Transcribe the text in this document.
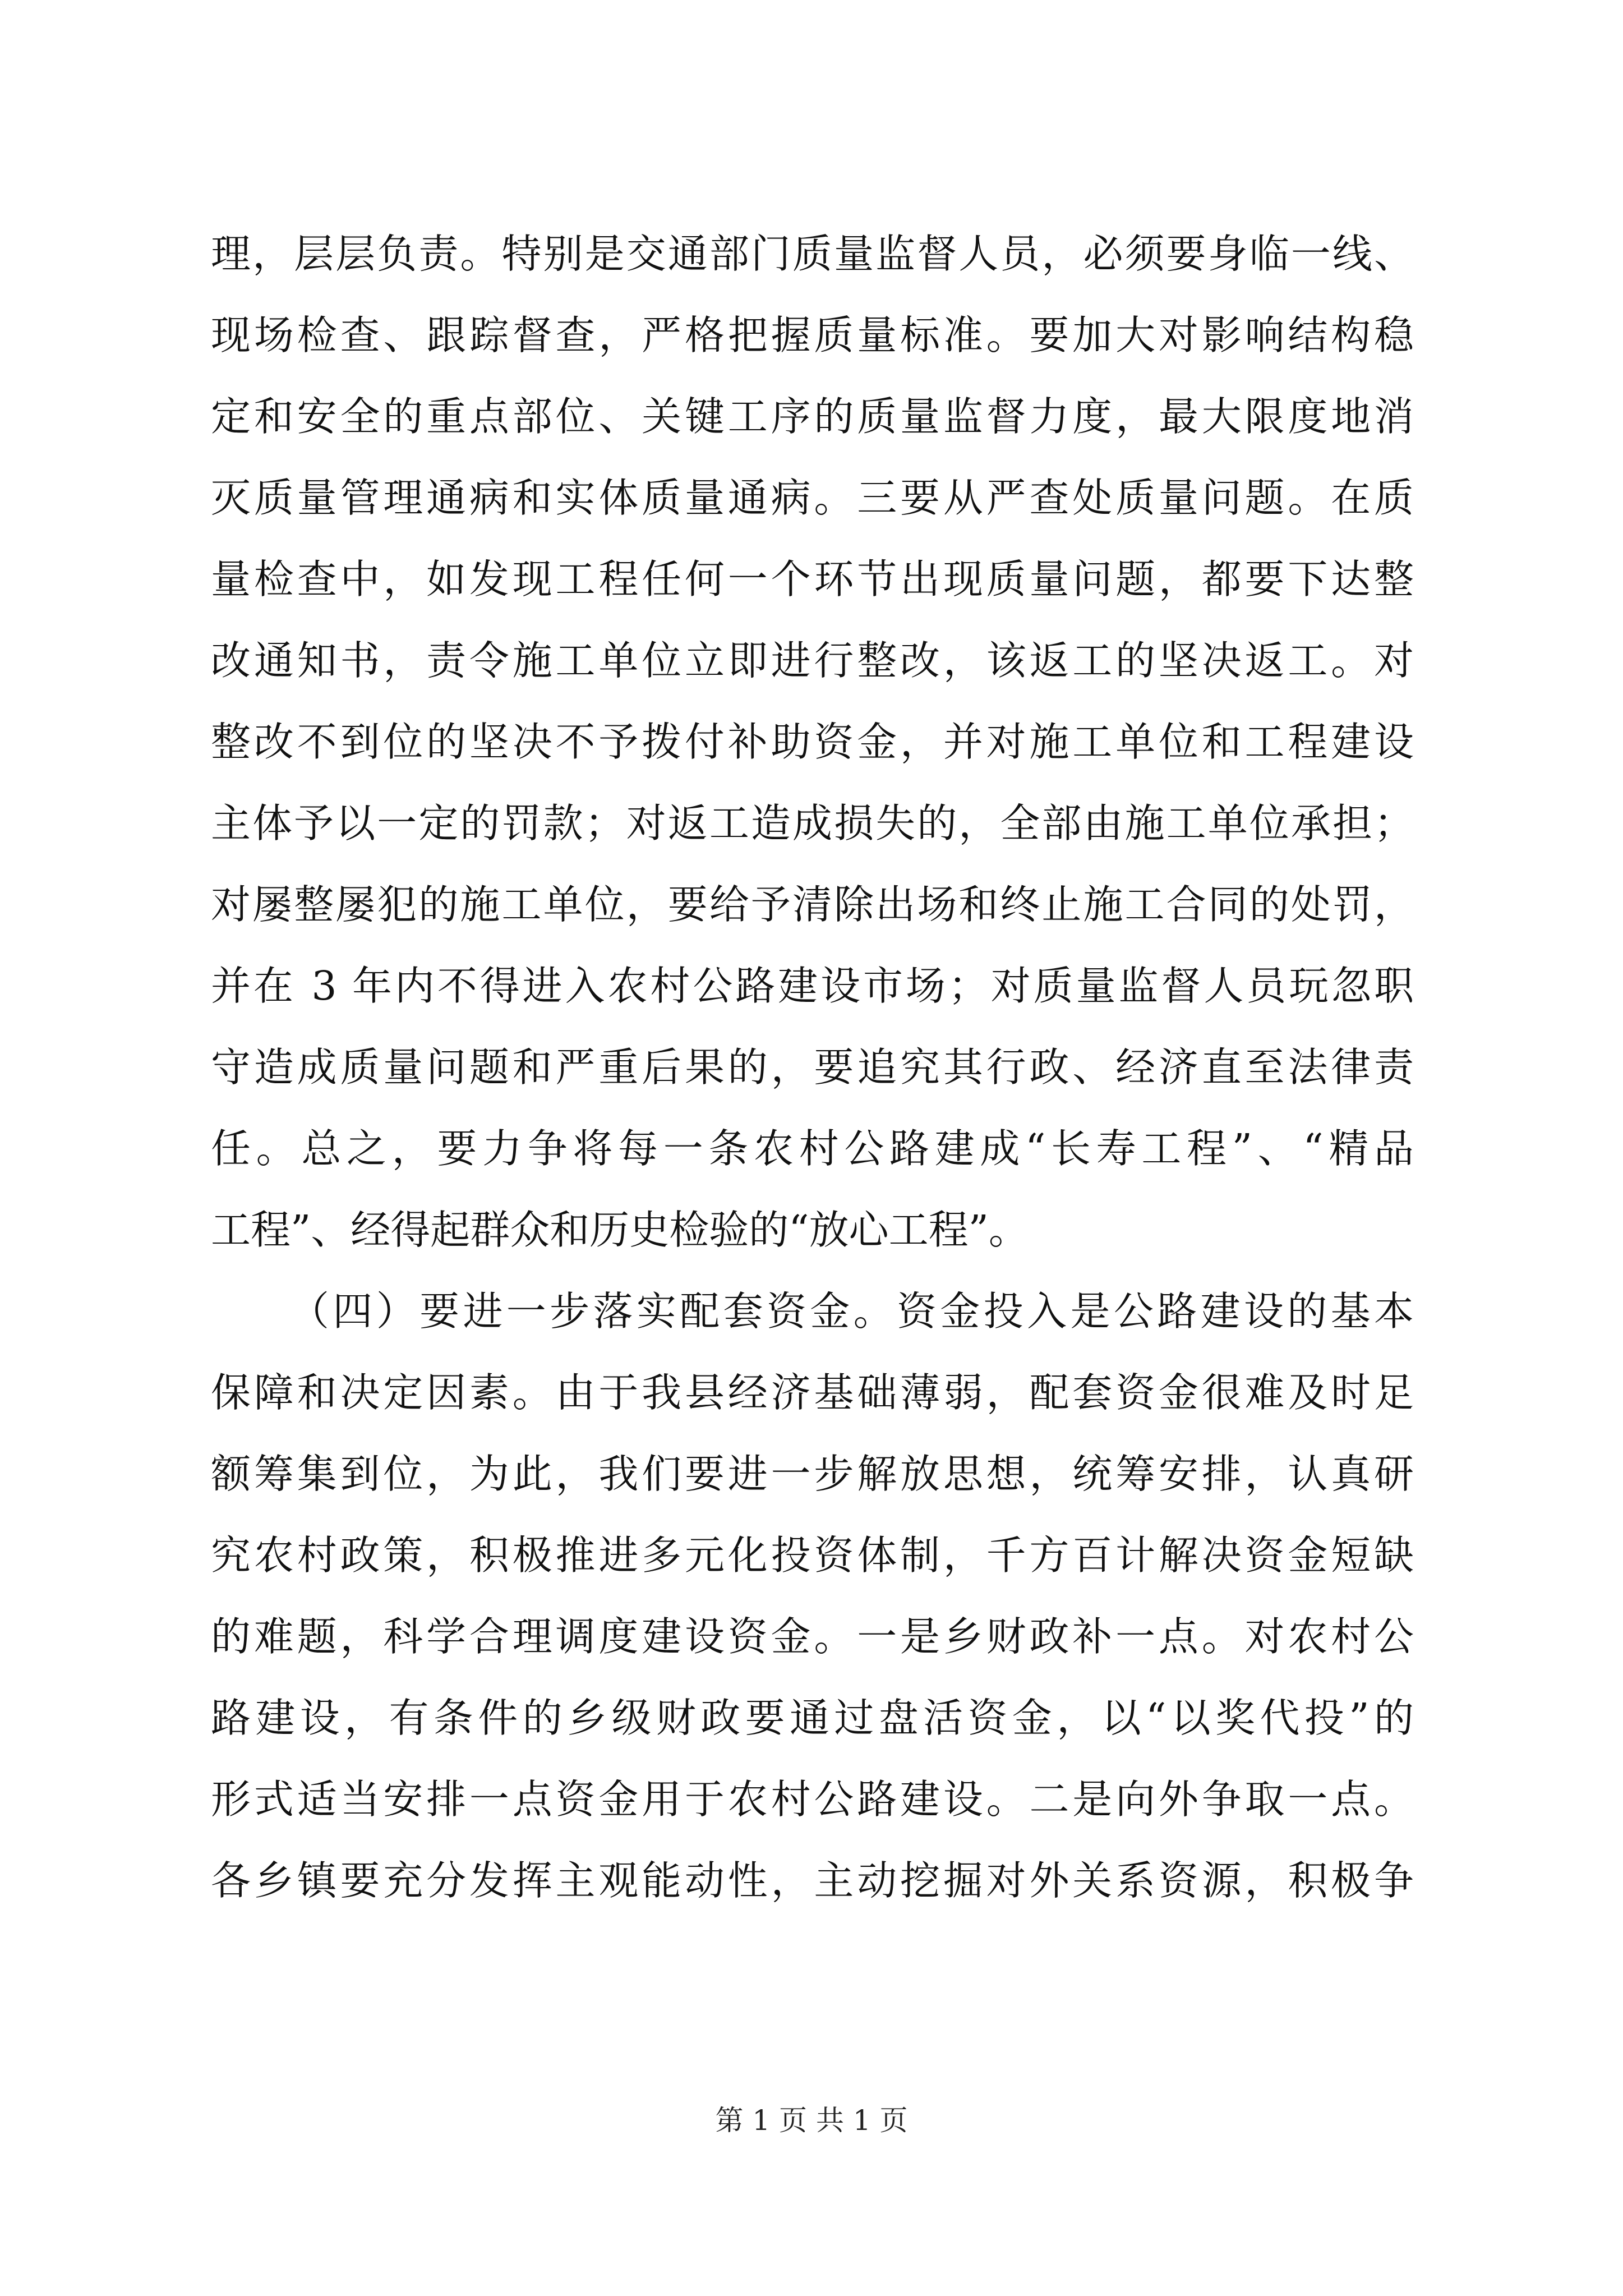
理，层层负责。特别是交通部门质量监督人员，必须要身临一线、
现场检查、跟踪督查，严格把握质量标准。要加大对影响结构稳
定和安全的重点部位、关键工序的质量监督力度，最大限度地消
灭质量管理通病和实体质量通病。三要从严查处质量问题。在质
量检查中，如发现工程任何一个环节出现质量问题，都要下达整
改通知书，责令施工单位立即进行整改，该返工的坚决返工。对
整改不到位的坚决不予拨付补助资金，并对施工单位和工程建设
主体予以一定的罚款；对返工造成损失的，全部由施工单位承担；
对屡整屡犯的施工单位，要给予清除出场和终止施工合同的处罚，
并在 3 年内不得进入农村公路建设市场；对质量监督人员玩忽职
守造成质量问题和严重后果的，要追究其行政、经济直至法律责
任。总之，要力争将每一条农村公路建成“长寿工程”、“精品
工程”、经得起群众和历史检验的“放心工程”。
（四）要进一步落实配套资金。资金投入是公路建设的基本
保障和决定因素。由于我县经济基础薄弱，配套资金很难及时足
额筹集到位，为此，我们要进一步解放思想，统筹安排，认真研
究农村政策，积极推进多元化投资体制，千方百计解决资金短缺
的难题，科学合理调度建设资金。一是乡财政补一点。对农村公
路建设，有条件的乡级财政要通过盘活资金，以“以奖代投”的
形式适当安排一点资金用于农村公路建设。二是向外争取一点。
各乡镇要充分发挥主观能动性，主动挖掘对外关系资源，积极争
第 1 页 共 1 页
